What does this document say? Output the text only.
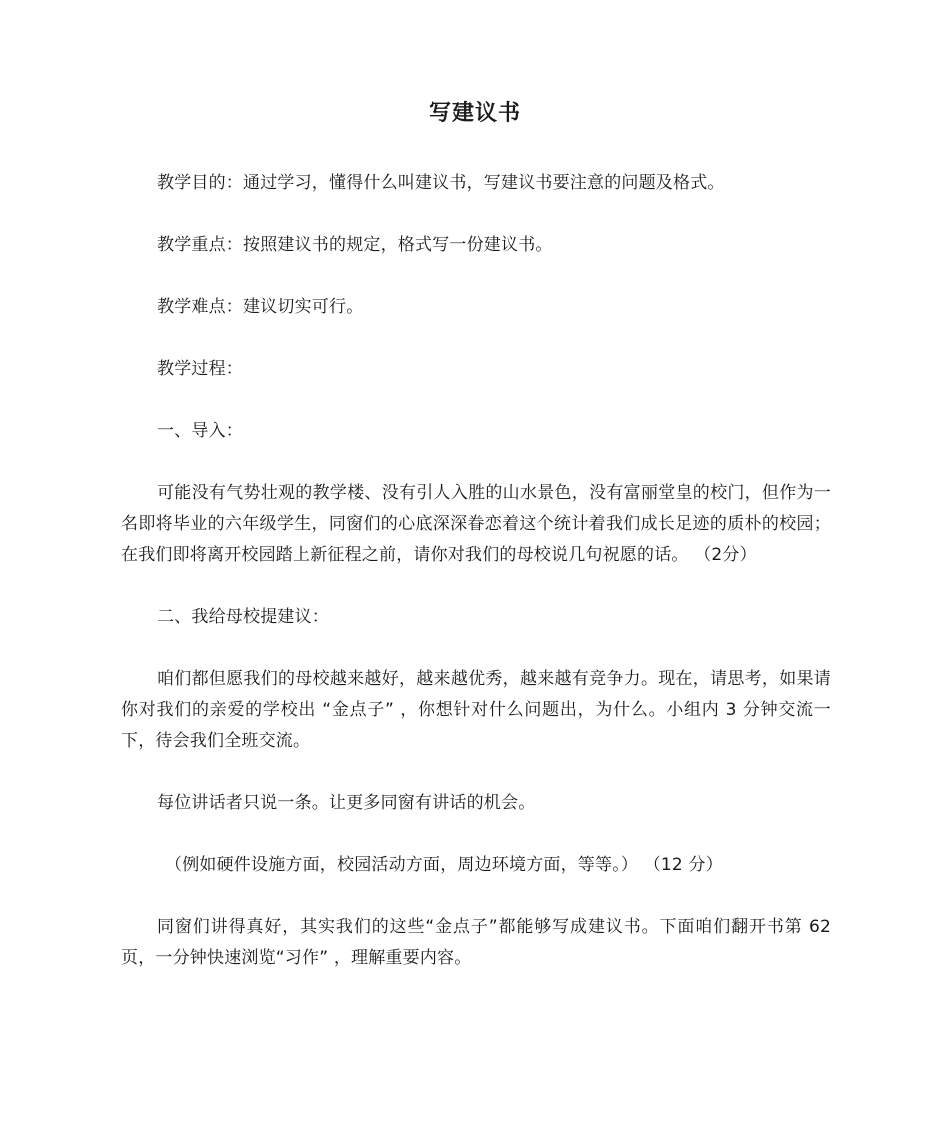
写建议书

教学目的：通过学习，懂得什么叫建议书，写建议书要注意的问题及格式。

教学重点：按照建议书的规定，格式写一份建议书。

教学难点：建议切实可行。

教学过程：

一、导入：

可能没有气势壮观的教学楼、没有引人入胜的山水景色，没有富丽堂皇的校门，但作为一名即将毕业的六年级学生，同窗们的心底深深眷恋着这个统计着我们成长足迹的质朴的校园；在我们即将离开校园踏上新征程之前，请你对我们的母校说几句祝愿的话。 （2分）

二、我给母校提建议：

咱们都但愿我们的母校越来越好，越来越优秀，越来越有竞争力。现在，请思考，如果请你对我们的亲爱的学校出 “金点子” ，你想针对什么问题出，为什么。小组内 3 分钟交流一下，待会我们全班交流。

每位讲话者只说一条。让更多同窗有讲话的机会。

（例如硬件设施方面，校园活动方面，周边环境方面，等等。） （12 分）

同窗们讲得真好，其实我们的这些“金点子”都能够写成建议书。下面咱们翻开书第 62 页，一分钟快速浏览“习作” ，理解重要内容。
